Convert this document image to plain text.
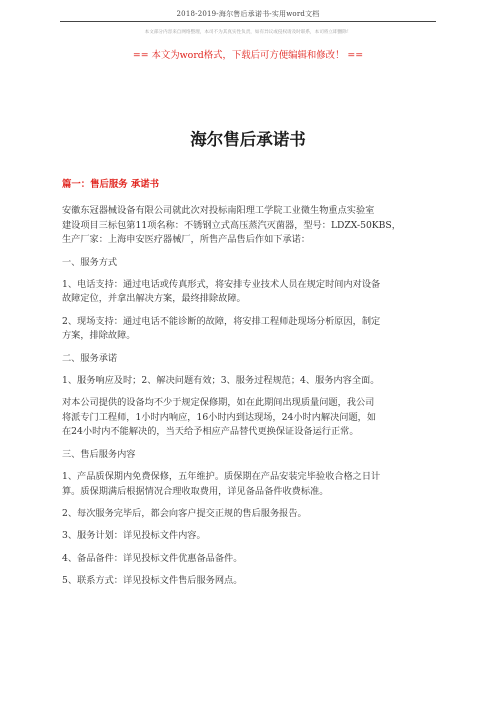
2018-2019-海尔售后承诺书-实用word文档
本文部分内容来自网络整理，本司不为其真实性负责，如有异议或侵权请及时联系，本司将立即删除！
== 本文为word格式，下载后可方便编辑和修改！ ==
海尔售后承诺书

篇一：售后服务 承诺书

安徽东冠器械设备有限公司就此次对投标南阳理工学院工业微生物重点实验室
建设项目三标包第11项名称：不锈钢立式高压蒸汽灭菌器，型号：LDZX-50KBS，
生产厂家：上海申安医疗器械厂，所售产品售后作如下承诺：

一、服务方式

1、电话支持：通过电话或传真形式，将安排专业技术人员在规定时间内对设备
故障定位，并拿出解决方案，最终排除故障。

2、现场支持：通过电话不能诊断的故障，将安排工程师赴现场分析原因，制定
方案，排除故障。

二、服务承诺

1、服务响应及时；2、解决问题有效；3、服务过程规范；4、服务内容全面。

对本公司提供的设备均不少于规定保修期，如在此期间出现质量问题，我公司
将派专门工程师，1小时内响应，16小时内到达现场，24小时内解决问题，如
在24小时内不能解决的，当天给予相应产品替代更换保证设备运行正常。

三、售后服务内容

1、产品质保期内免费保修，五年维护。质保期在产品安装完毕验收合格之日计
算。质保期满后根据情况合理收取费用，详见备品备件收费标准。

2、每次服务完毕后，都会向客户提交正规的售后服务报告。

3、服务计划：详见投标文件内容。

4、备品备件：详见投标文件优惠备品备件。

5、联系方式：详见投标文件售后服务网点。
